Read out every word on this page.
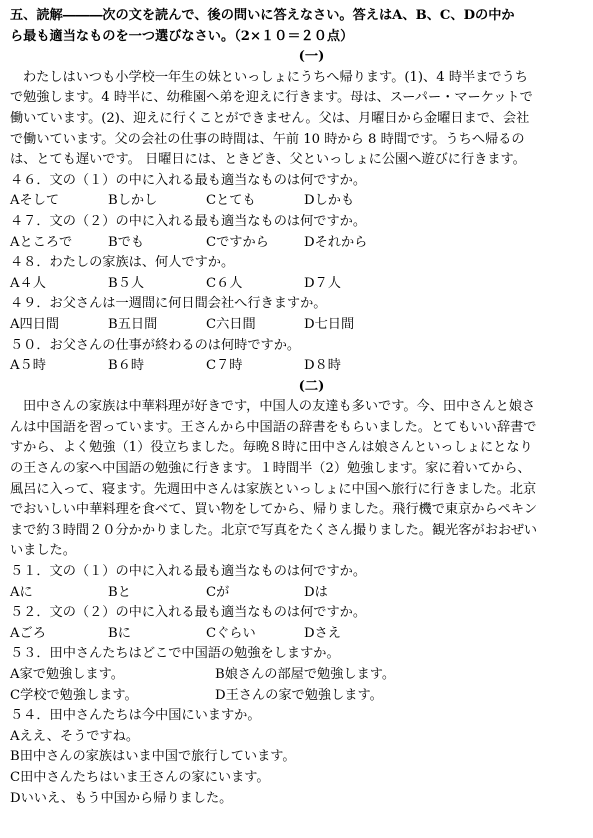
五、読解―――次の文を読んで、後の問いに答えなさい。答えはA、B、C、Dの中か
ら最も適当なものを一つ選びなさい。（2×１０＝２０点）
(一)
わたしはいつも小学校一年生の妹といっしょにうちへ帰ります。(1)、4 時半までうち
で勉強します。4 時半に、幼稚園へ弟を迎えに行きます。母は、スーパー・マーケットで
働いています。(2)、迎えに行くことができません。父は、月曜日から金曜日まで、会社
で働いています。父の会社の仕事の時間は、午前 10 時から 8 時間です。うちへ帰るの
は、とても遅いです。 日曜日には、ときどき、父といっしょに公園へ遊びに行きます。
４６．文の（１）の中に入れる最も適当なものは何ですか。
Aそして	Bしかし	Cとても	Dしかも
４７．文の（２）の中に入れる最も適当なものは何ですか。
Aところで	Bでも	Cですから	Dそれから
４８．わたしの家族は、何人ですか。
A４人	B５人	C６人	D７人
４９．お父さんは一週間に何日間会社へ行きますか。
A四日間	B五日間	C六日間	D七日間
５０．お父さんの仕事が終わるのは何時ですか。
A５時	B６時	C７時	D８時
(二)
田中さんの家族は中華料理が好きです，中国人の友達も多いです。今、田中さんと娘さ
んは中国語を習っています。王さんから中国語の辞書をもらいました。とてもいい辞書で
すから、よく勉強（1）役立ちました。毎晩８時に田中さんは娘さんといっしょにとなり
の王さんの家へ中国語の勉強に行きます。１時間半（2）勉強します。家に着いてから、
風呂に入って、寝ます。先週田中さんは家族といっしょに中国へ旅行に行きました。北京
でおいしい中華料理を食べて、買い物をしてから、帰りました。飛行機で東京からペキン
まで約３時間２０分かかりました。北京で写真をたくさん撮りました。観光客がおおぜい
いました。
５１．文の（１）の中に入れる最も適当なものは何ですか。
Aに	Bと	Cが	Dは
５２．文の（２）の中に入れる最も適当なものは何ですか。
Aごろ	Bに	Cぐらい	Dさえ
５３．田中さんたちはどこで中国語の勉強をしますか。
A家で勉強します。	B娘さんの部屋で勉強します。
C学校で勉強します。	D王さんの家で勉強します。
５４．田中さんたちは今中国にいますか。
Aええ、そうですね。
B田中さんの家族はいま中国で旅行しています。
C田中さんたちはいま王さんの家にいます。
Dいいえ、もう中国から帰りました。
